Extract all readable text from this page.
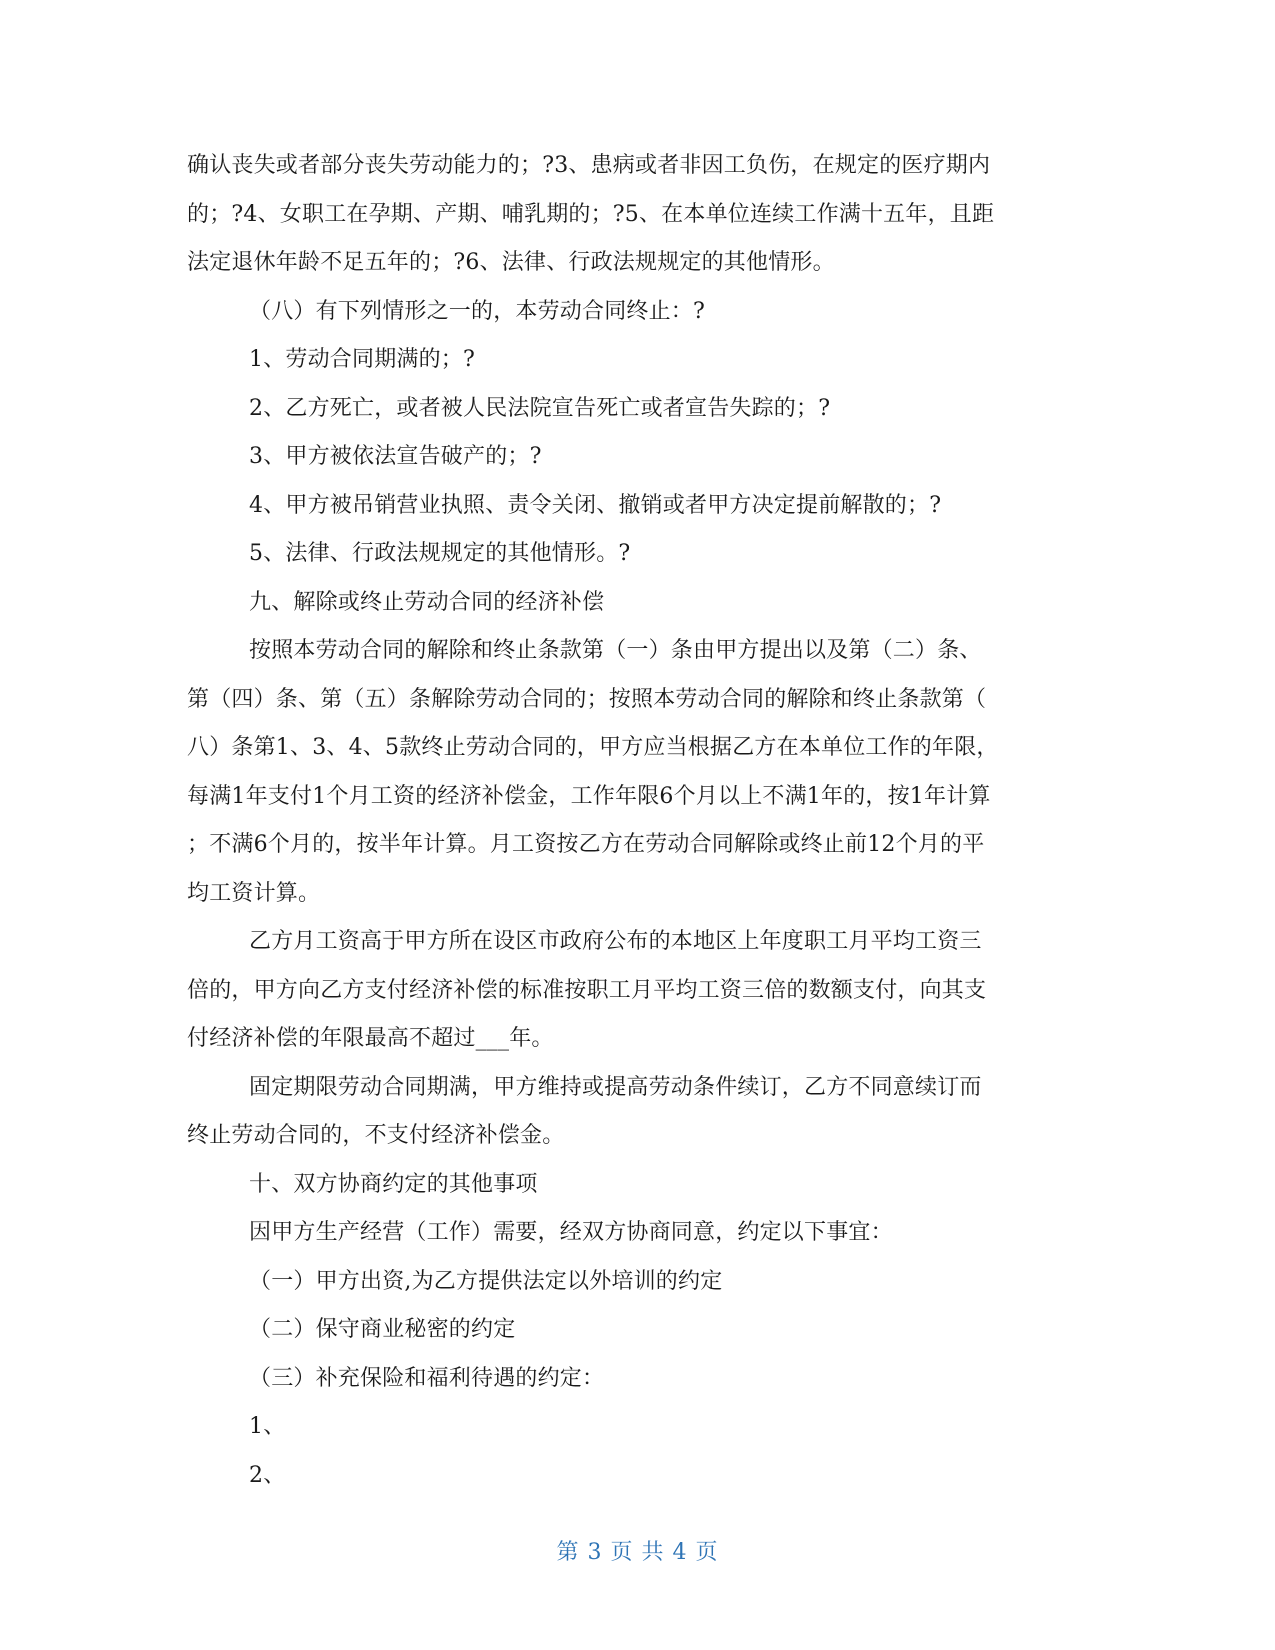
确认丧失或者部分丧失劳动能力的；?3、患病或者非因工负伤，在规定的医疗期内
的；?4、女职工在孕期、产期、哺乳期的；?5、在本单位连续工作满十五年，且距
法定退休年龄不足五年的；?6、法律、行政法规规定的其他情形。
（八）有下列情形之一的，本劳动合同终止：?
1、劳动合同期满的；?
2、乙方死亡，或者被人民法院宣告死亡或者宣告失踪的；?
3、甲方被依法宣告破产的；?
4、甲方被吊销营业执照、责令关闭、撤销或者甲方决定提前解散的；?
5、法律、行政法规规定的其他情形。?
九、解除或终止劳动合同的经济补偿
按照本劳动合同的解除和终止条款第（一）条由甲方提出以及第（二）条、
第（四）条、第（五）条解除劳动合同的；按照本劳动合同的解除和终止条款第（
八）条第1、3、4、5款终止劳动合同的，甲方应当根据乙方在本单位工作的年限，
每满1年支付1个月工资的经济补偿金，工作年限6个月以上不满1年的，按1年计算
；不满6个月的，按半年计算。月工资按乙方在劳动合同解除或终止前12个月的平
均工资计算。
乙方月工资高于甲方所在设区市政府公布的本地区上年度职工月平均工资三
倍的，甲方向乙方支付经济补偿的标准按职工月平均工资三倍的数额支付，向其支
付经济补偿的年限最高不超过___年。
固定期限劳动合同期满，甲方维持或提高劳动条件续订，乙方不同意续订而
终止劳动合同的，不支付经济补偿金。
十、双方协商约定的其他事项
因甲方生产经营（工作）需要，经双方协商同意，约定以下事宜：
（一）甲方出资,为乙方提供法定以外培训的约定
（二）保守商业秘密的约定
（三）补充保险和福利待遇的约定：
1、
2、
第 3 页 共 4 页
